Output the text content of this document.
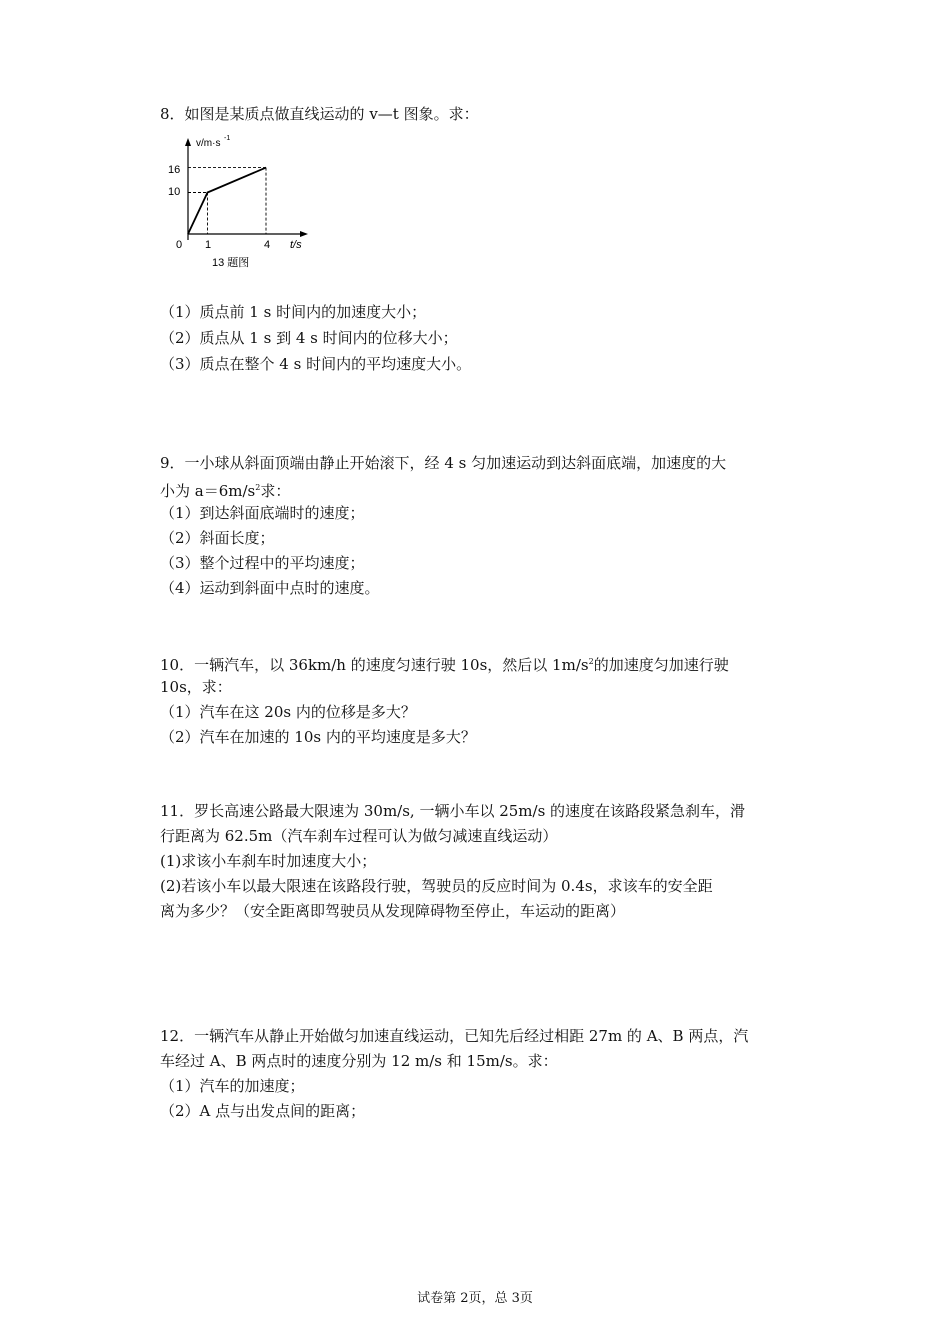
8．如图是某质点做直线运动的 v—t 图象。求：
v/m·s -1
t/s
16
10
0 1	4
13 题图
（1）质点前 1 s 时间内的加速度大小；
（2）质点从 1 s 到 4 s 时间内的位移大小；
（3）质点在整个 4 s 时间内的平均速度大小。
9．一小球从斜面顶端由静止开始滚下，经 4 s 匀加速运动到达斜面底端，加速度的大
小为 $a=6m/s^2$求：
（1）到达斜面底端时的速度；
（2）斜面长度；
（3）整个过程中的平均速度；
（4）运动到斜面中点时的速度。
10．一辆汽车，以 36km/h 的速度匀速行驶 10s，然后以 $1m/s^2$的加速度匀加速行驶
10s，求：
（1）汽车在这 20s 内的位移是多大？
（2）汽车在加速的 10s 内的平均速度是多大？
11．罗长高速公路最大限速为 30m/s, 一辆小车以 25m/s 的速度在该路段紧急刹车，滑
行距离为 62.5m（汽车刹车过程可认为做匀减速直线运动）
(1)求该小车刹车时加速度大小；
(2)若该小车以最大限速在该路段行驶，驾驶员的反应时间为 0.4s，求该车的安全距
离为多少？（安全距离即驾驶员从发现障碍物至停止，车运动的距离）
12．一辆汽车从静止开始做匀加速直线运动，已知先后经过相距 27m 的 A、B 两点，汽
车经过 A、B 两点时的速度分别为 12 m/s 和 15m/s。求：
（1）汽车的加速度；
（2）A 点与出发点间的距离；
试卷第 2页，总 3页
